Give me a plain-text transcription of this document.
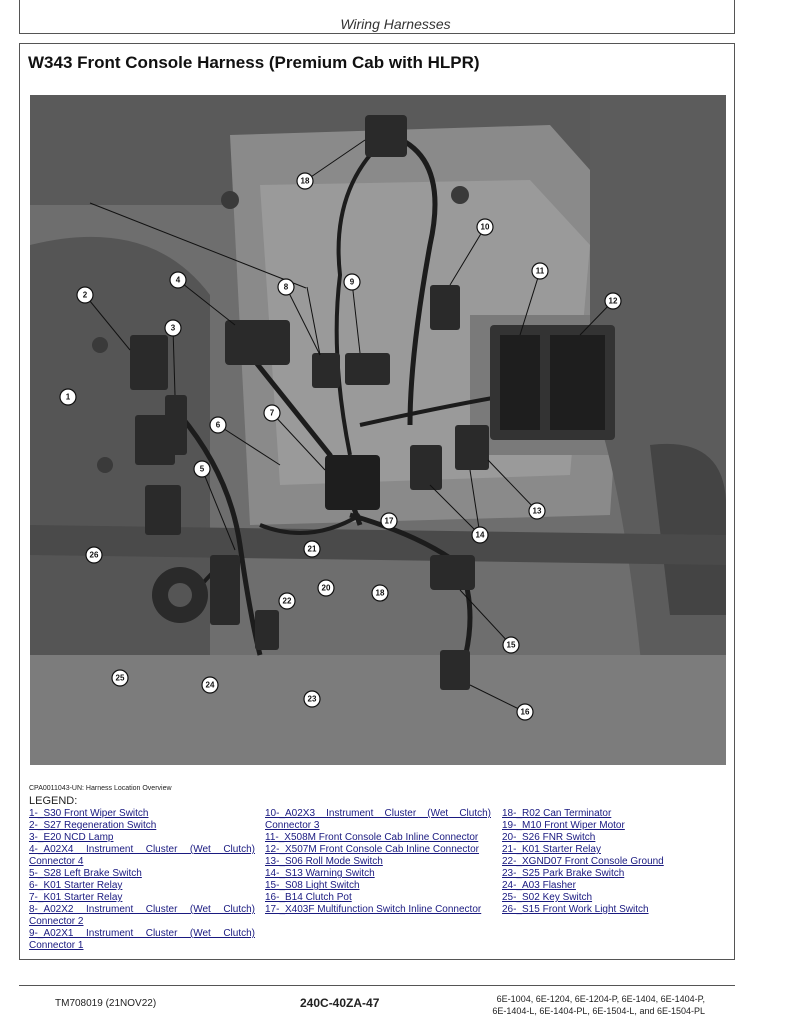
Wiring Harnesses
W343 Front Console Harness (Premium Cab with HLPR)
18
2
3
1
4
5
6
7
8
9
10
11
12
13
14
15
16
17
18
20
21
22
23
24
25
26
CPA0011043-UN: Harness Location Overview
LEGEND:
1-_S30 Front Wiper Switch
2-_S27 Regeneration Switch
3-_E20 NCD Lamp
4-_A02X4 Instrument Cluster (Wet Clutch) Connector 4
5-_S28 Left Brake Switch
6-_K01 Starter Relay
7-_K01 Starter Relay
8-_A02X2 Instrument Cluster (Wet Clutch) Connector 2
9-_A02X1 Instrument Cluster (Wet Clutch) Connector 1
10-_A02X3 Instrument Cluster (Wet Clutch) Connector 3
11-_X508M Front Console Cab Inline Connector
12-_X507M Front Console Cab Inline Connector
13-_S06 Roll Mode Switch
14-_S13 Warning Switch
15-_S08 Light Switch
16-_B14 Clutch Pot
17-_X403F Multifunction Switch Inline Connector
18-_R02 Can Terminator
19-_M10 Front Wiper Motor
20-_S26 FNR Switch
21-_K01 Starter Relay
22-_XGND07 Front Console Ground
23-_S25 Park Brake Switch
24-_A03 Flasher
25-_S02 Key Switch
26-_S15 Front Work Light Switch
TM708019 (21NOV22)	240C-40ZA-47	6E-1004, 6E-1204, 6E-1204-P, 6E-1404, 6E-1404-P,
6E-1404-L, 6E-1404-PL, 6E-1504-L, and 6E-1504-PL
